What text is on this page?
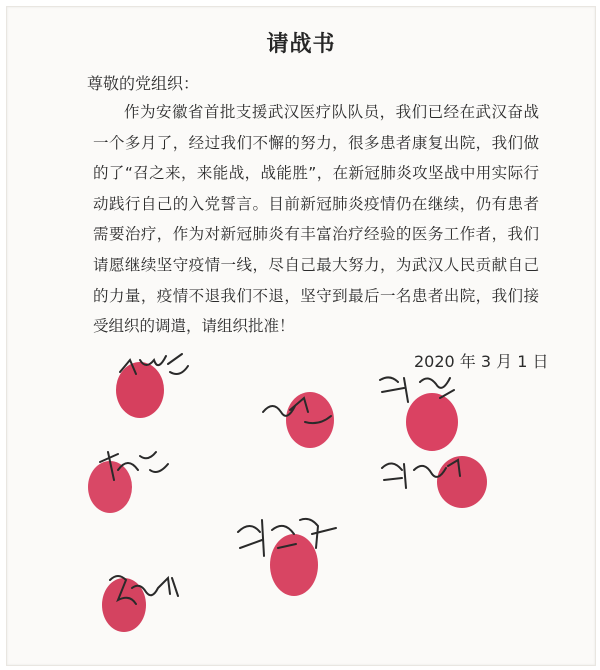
请战书
尊敬的党组织：
作为安徽省首批支援武汉医疗队队员，我们已经在武汉奋战一个多月了，经过我们不懈的努力，很多患者康复出院，我们做的了“召之来，来能战，战能胜”，在新冠肺炎攻坚战中用实际行动践行自己的入党誓言。目前新冠肺炎疫情仍在继续，仍有患者需要治疗，作为对新冠肺炎有丰富治疗经验的医务工作者，我们请愿继续坚守疫情一线，尽自己最大努力，为武汉人民贡献自己的力量，疫情不退我们不退，坚守到最后一名患者出院，我们接受组织的调遣，请组织批准！
2020 年 3 月 1 日
